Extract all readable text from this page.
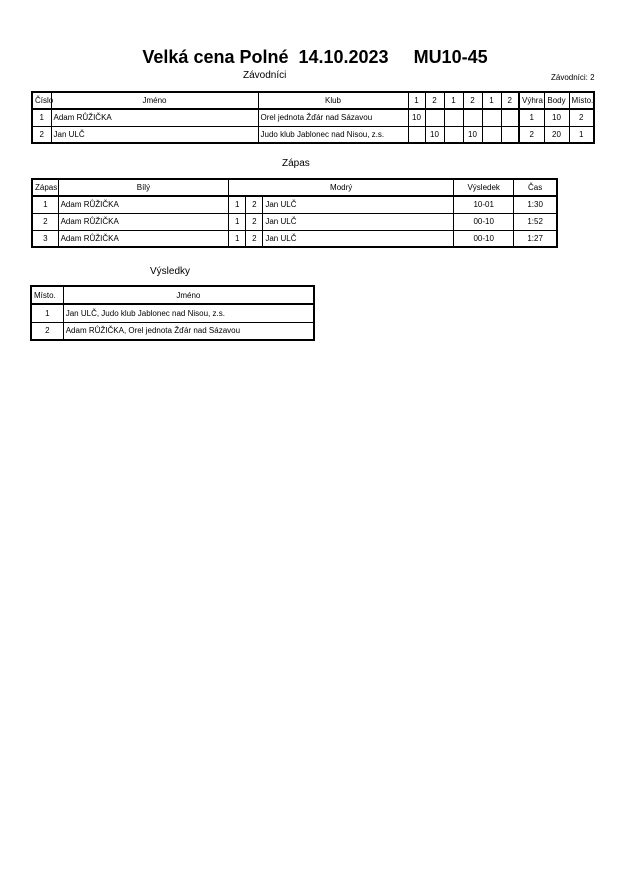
Velká cena Polné  14.10.2023     MU10-45
Závodníci	Závodníci: 2
Číslo	Jméno	Klub	1	2	1	2	1	2	Výhra	Body	Místo.
1	Adam RŮŽIČKA	Orel jednota Žďár nad Sázavou	10						1	10	2
2	Jan ULČ	Judo klub Jablonec nad Nisou, z.s.		10		10			2	20	1
Zápas
Zápas	Bílý	Modrý			Výsledek	Čas
1	Adam RŮŽIČKA	1	2	Jan ULČ	10-01	1:30
2	Adam RŮŽIČKA	1	2	Jan ULČ	00-10	1:52
3	Adam RŮŽIČKA	1	2	Jan ULČ	00-10	1:27
Výsledky
Místo.	Jméno
1	Jan ULČ, Judo klub Jablonec nad Nisou, z.s.
2	Adam RŮŽIČKA, Orel jednota Žďár nad Sázavou
